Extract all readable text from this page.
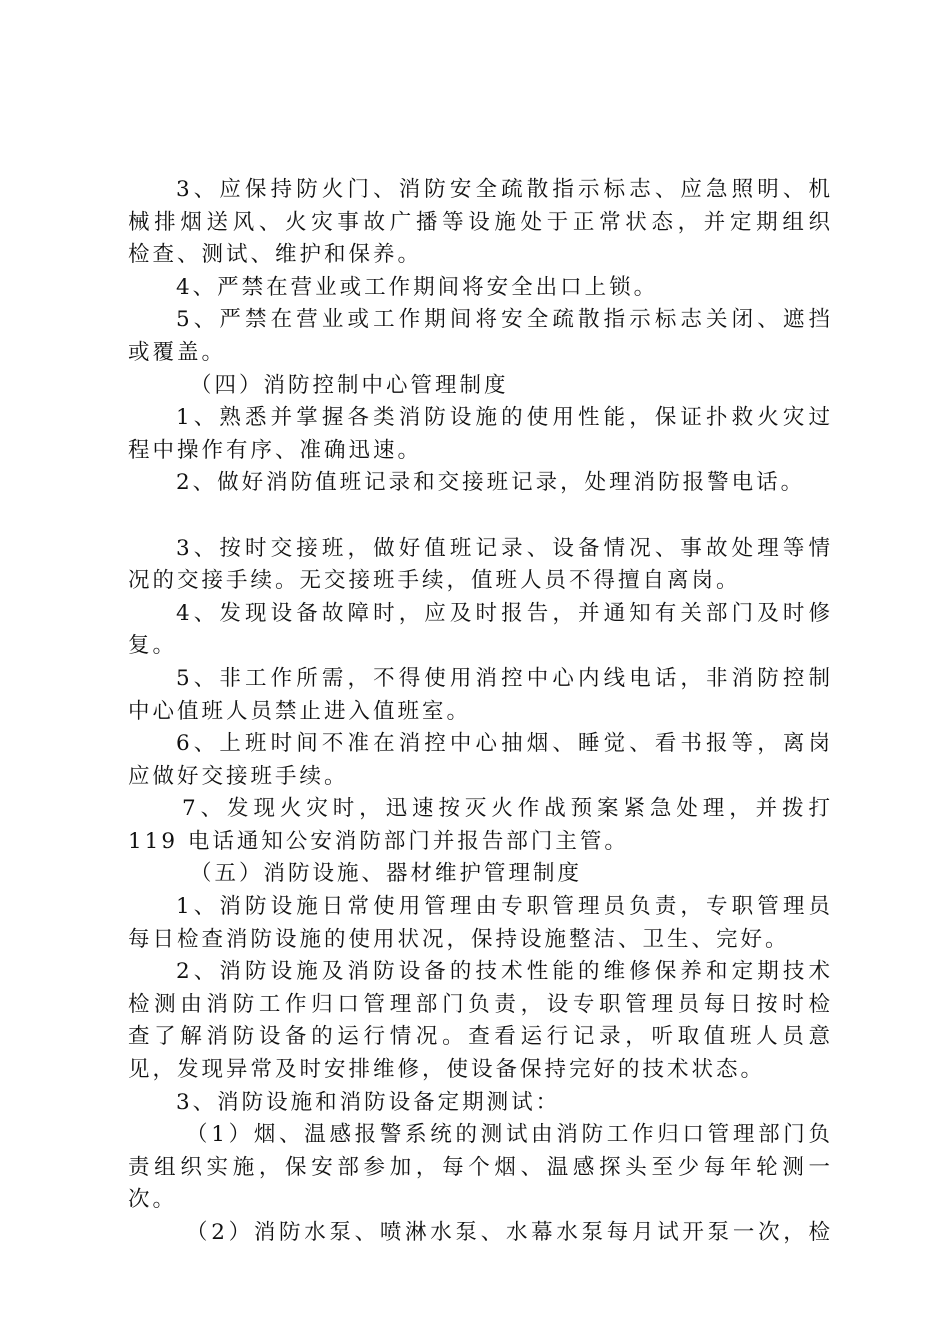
3、应保持防火门、消防安全疏散指示标志、应急照明、机
械排烟送风、火灾事故广播等设施处于正常状态，并定期组织
检查、测试、维护和保养。
4、严禁在营业或工作期间将安全出口上锁。
5、严禁在营业或工作期间将安全疏散指示标志关闭、遮挡
或覆盖。
（四）消防控制中心管理制度
1、熟悉并掌握各类消防设施的使用性能，保证扑救火灾过
程中操作有序、准确迅速。
2、做好消防值班记录和交接班记录，处理消防报警电话。
3、按时交接班，做好值班记录、设备情况、事故处理等情
况的交接手续。无交接班手续，值班人员不得擅自离岗。
4、发现设备故障时，应及时报告，并通知有关部门及时修
复。
5、非工作所需，不得使用消控中心内线电话，非消防控制
中心值班人员禁止进入值班室。
6、上班时间不准在消控中心抽烟、睡觉、看书报等，离岗
应做好交接班手续。
7、发现火灾时，迅速按灭火作战预案紧急处理，并拨打
119 电话通知公安消防部门并报告部门主管。
（五）消防设施、器材维护管理制度
1、消防设施日常使用管理由专职管理员负责，专职管理员
每日检查消防设施的使用状况，保持设施整洁、卫生、完好。
2、消防设施及消防设备的技术性能的维修保养和定期技术
检测由消防工作归口管理部门负责，设专职管理员每日按时检
查了解消防设备的运行情况。查看运行记录，听取值班人员意
见，发现异常及时安排维修，使设备保持完好的技术状态。
3、消防设施和消防设备定期测试：
（1）烟、温感报警系统的测试由消防工作归口管理部门负
责组织实施，保安部参加，每个烟、温感探头至少每年轮测一
次。
（2）消防水泵、喷淋水泵、水幕水泵每月试开泵一次，检
